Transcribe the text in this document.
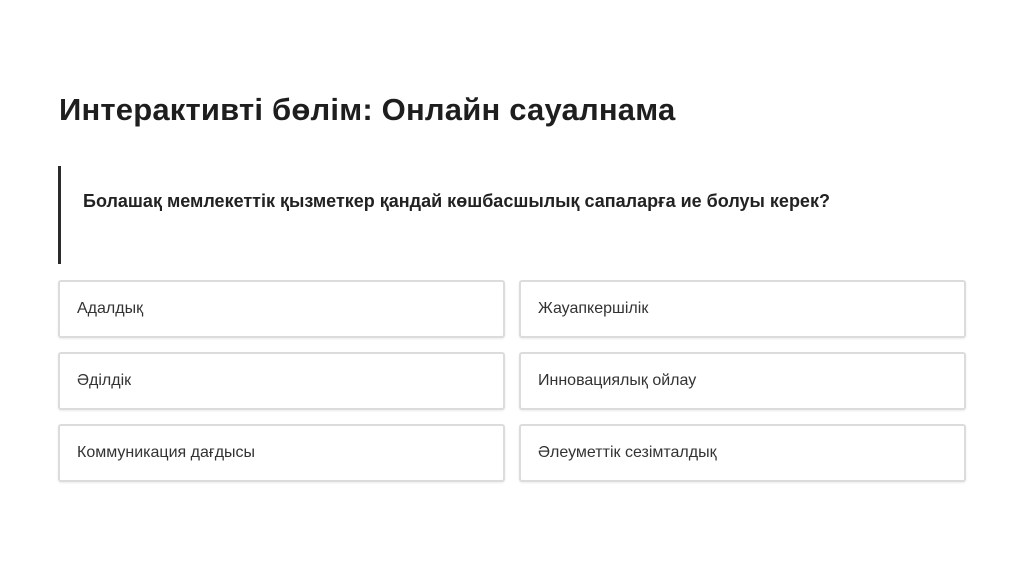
Интерактивті бөлім: Онлайн сауалнама
Болашақ мемлекеттік қызметкер қандай көшбасшылық сапаларға ие болуы керек?
Адалдық	Жауапкершілік
Әділдік	Инновациялық ойлау
Коммуникация дағдысы	Әлеуметтік сезімталдық
